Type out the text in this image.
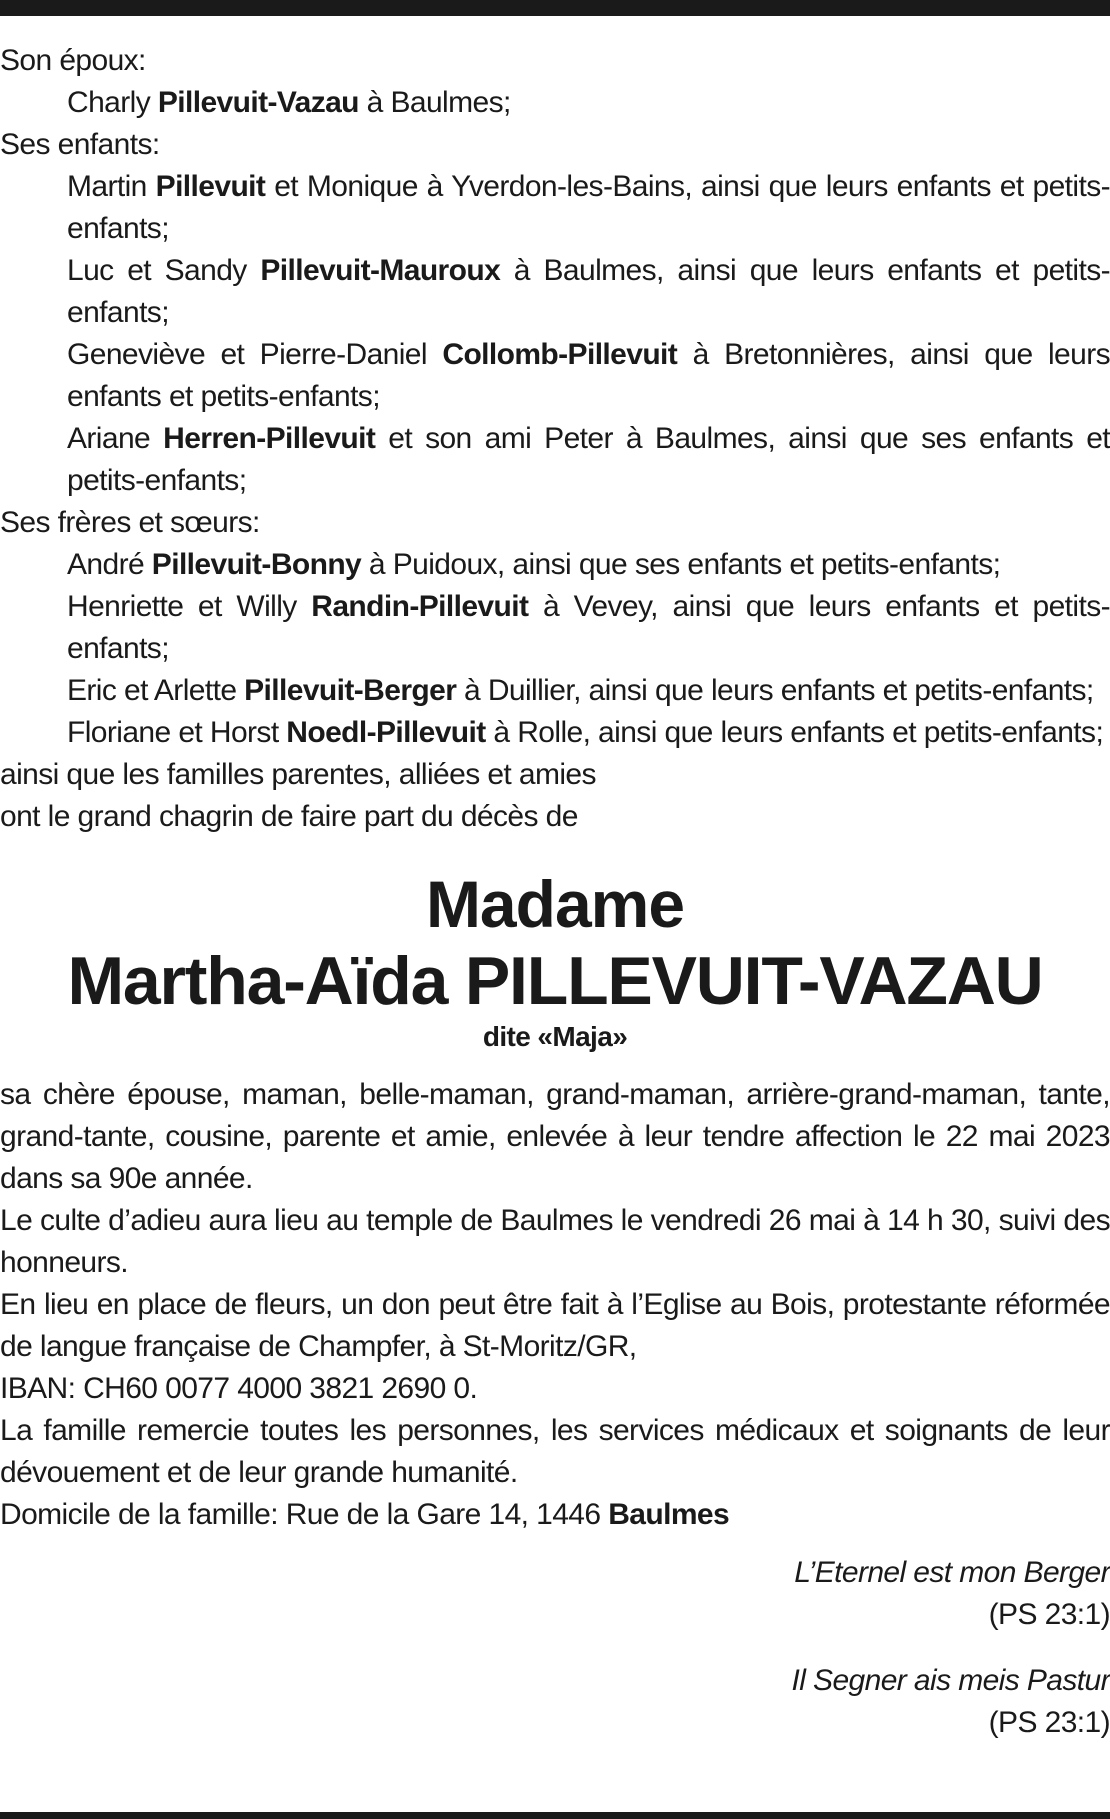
Son époux:
Charly Pillevuit-Vazau à Baulmes;
Ses enfants:
Martin Pillevuit et Monique à Yverdon-les-Bains, ainsi que leurs enfants et petits-enfants;
Luc et Sandy Pillevuit-Mauroux à Baulmes, ainsi que leurs enfants et petits-enfants;
Geneviève et Pierre-Daniel Collomb-Pillevuit à Bretonnières, ainsi que leurs enfants et petits-enfants;
Ariane Herren-Pillevuit et son ami Peter à Baulmes, ainsi que ses enfants et petits-enfants;
Ses frères et sœurs:
André Pillevuit-Bonny à Puidoux, ainsi que ses enfants et petits-enfants;
Henriette et Willy Randin-Pillevuit à Vevey, ainsi que leurs enfants et petits-enfants;
Eric et Arlette Pillevuit-Berger à Duillier, ainsi que leurs enfants et petits-enfants;
Floriane et Horst Noedl-Pillevuit à Rolle, ainsi que leurs enfants et petits-enfants;
ainsi que les familles parentes, alliées et amies
ont le grand chagrin de faire part du décès de
Madame
Martha-Aïda PILLEVUIT-VAZAU
dite «Maja»
sa chère épouse, maman, belle-maman, grand-maman, arrière-grand-maman, tante, grand-tante, cousine, parente et amie, enlevée à leur tendre affection le 22 mai 2023 dans sa 90e année.
Le culte d’adieu aura lieu au temple de Baulmes le vendredi 26 mai à 14 h 30, suivi des honneurs.
En lieu en place de fleurs, un don peut être fait à l’Eglise au Bois, protestante réformée de langue française de Champfer, à St-Moritz/GR,
IBAN: CH60 0077 4000 3821 2690 0.
La famille remercie toutes les personnes, les services médicaux et soignants de leur dévouement et de leur grande humanité.
Domicile de la famille: Rue de la Gare 14, 1446 Baulmes
L’Eternel est mon Berger
(PS 23:1)
Il Segner ais meis Pastur
(PS 23:1)
